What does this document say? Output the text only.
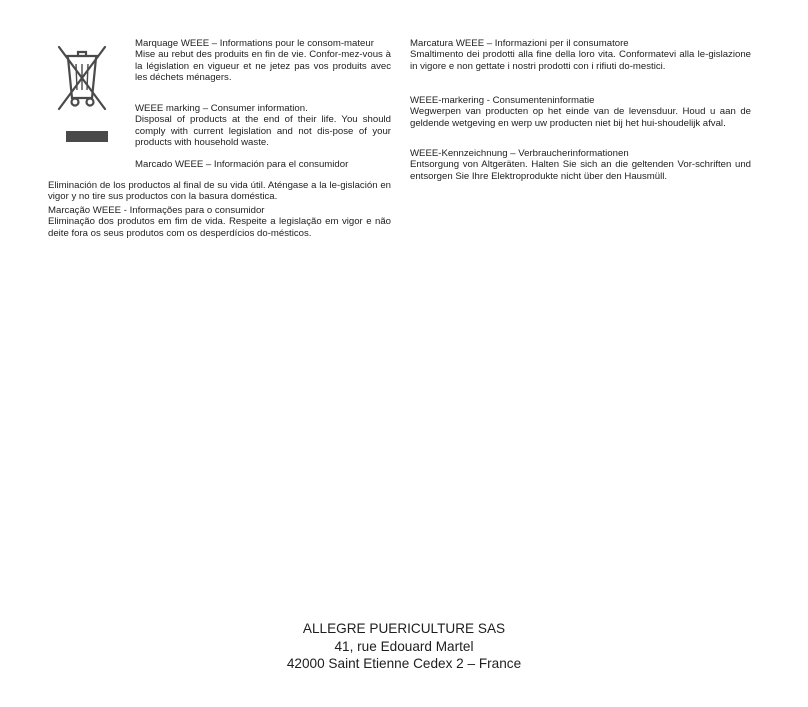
Marquage WEEE – Informations pour le consom-mateur

Mise au rebut des produits en fin de vie. Confor-mez-vous à la législation en vigueur et ne jetez pas vos produits avec les déchets ménagers.

WEEE marking – Consumer information.

Disposal of products at the end of their life. You should comply with current legislation and not dis-pose of your products with household waste.

Marcado WEEE – Información para el consumidor

Eliminación de los productos al final de su vida útil. Aténgase a la le-gislación en vigor y no tire sus productos con la basura doméstica.

Marcação WEEE - Informações para o consumidor

Eliminação dos produtos em fim de vida. Respeite a legislação em vigor e não deite fora os seus produtos com os desperdícios do-mésticos.

Marcatura WEEE – Informazioni per il consumatore

Smaltimento dei prodotti alla fine della loro vita. Conformatevi alla le-gislazione in vigore e non gettate i nostri prodotti con i rifiuti do-mestici.

WEEE-markering - Consumenteninformatie

Wegwerpen van producten op het einde van de levensduur. Houd u aan de geldende wetgeving en werp uw producten niet bij het hui-shoudelijk afval.

WEEE-Kennzeichnung – Verbraucherinformationen

Entsorgung von Altgeräten. Halten Sie sich an die geltenden Vor-schriften und entsorgen Sie Ihre Elektroprodukte nicht über den Hausmüll.

ALLEGRE PUERICULTURE SAS

41, rue Edouard Martel

42000 Saint Etienne Cedex 2 – France
